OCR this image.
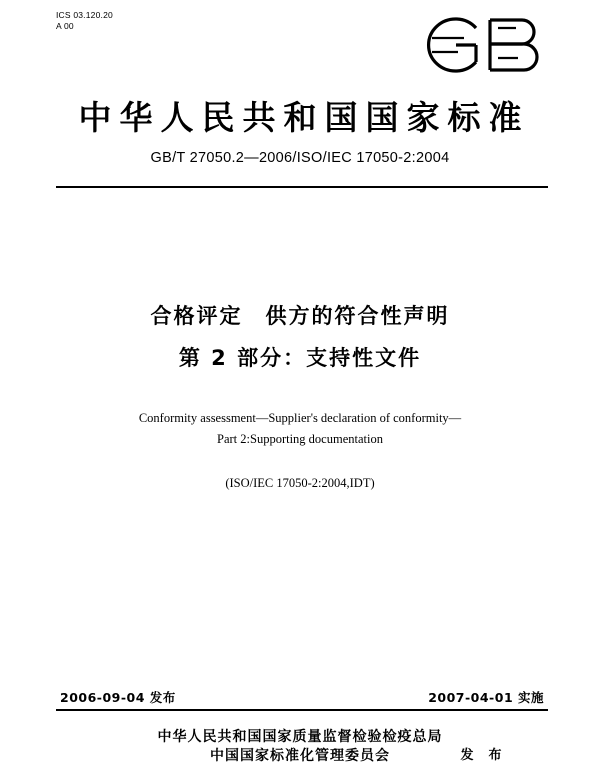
ICS 03.120.20
A 00
中华人民共和国国家标准
GB/T 27050.2—2006/ISO/IEC 17050-2:2004
合格评定　供方的符合性声明
第 2 部分：支持性文件
Conformity assessment—Supplier's declaration of conformity—
Part 2:Supporting documentation
(ISO/IEC 17050-2:2004,IDT)
2006-09-04 发布	2007-04-01 实施
中华人民共和国国家质量监督检验检疫总局
中国国家标准化管理委员会	发　布
